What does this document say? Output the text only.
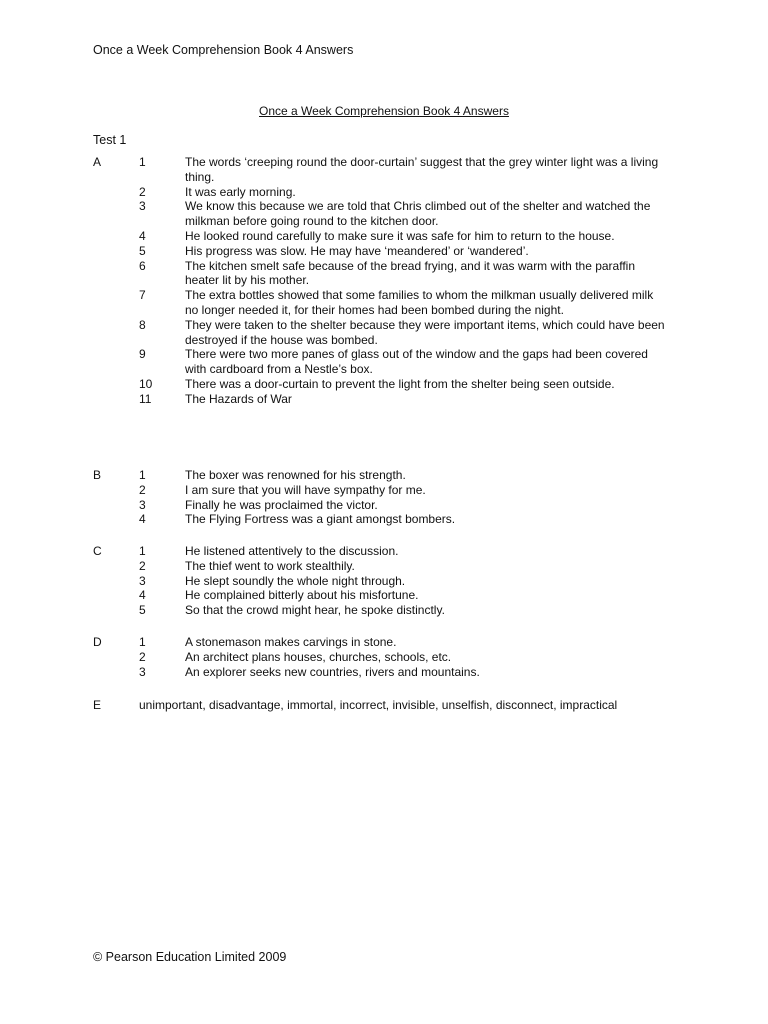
Once a Week Comprehension Book 4 Answers
Once a Week Comprehension Book 4 Answers
Test 1
A	1	The words ‘creeping round the door-curtain’ suggest that the grey winter light was a living thing.
2	It was early morning.
3	We know this because we are told that Chris climbed out of the shelter and watched the milkman before going round to the kitchen door.
4	He looked round carefully to make sure it was safe for him to return to the house.
5	His progress was slow. He may have ‘meandered’ or ‘wandered’.
6	The kitchen smelt safe because of the bread frying, and it was warm with the paraffin heater lit by his mother.
7	The extra bottles showed that some families to whom the milkman usually delivered milk no longer needed it, for their homes had been bombed during the night.
8	They were taken to the shelter because they were important items, which could have been destroyed if the house was bombed.
9	There were two more panes of glass out of the window and the gaps had been covered with cardboard from a Nestle’s box.
10	There was a door-curtain to prevent the light from the shelter being seen outside.
11	The Hazards of War
B	1	The boxer was renowned for his strength.
2	I am sure that you will have sympathy for me.
3	Finally he was proclaimed the victor.
4	The Flying Fortress was a giant amongst bombers.
C	1	He listened attentively to the discussion.
2	The thief went to work stealthily.
3	He slept soundly the whole night through.
4	He complained bitterly about his misfortune.
5	So that the crowd might hear, he spoke distinctly.
D	1	A stonemason makes carvings in stone.
2	An architect plans houses, churches, schools, etc.
3	An explorer seeks new countries, rivers and mountains.
E	unimportant, disadvantage, immortal, incorrect, invisible, unselfish, disconnect, impractical
© Pearson Education Limited 2009
